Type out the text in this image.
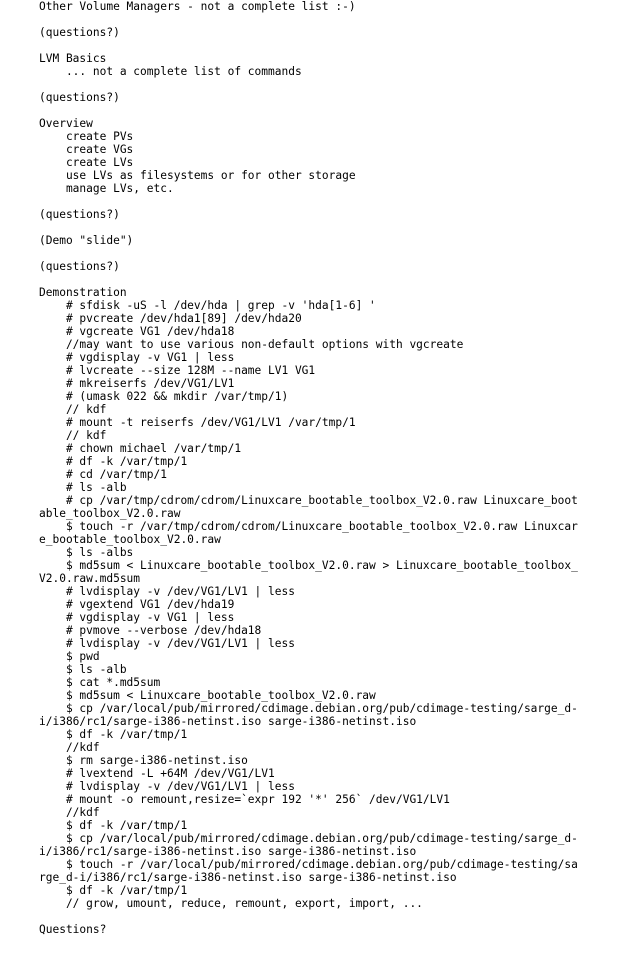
Other Volume Managers - not a complete list :-)
(questions?)
LVM Basics
... not a complete list of commands
(questions?)
Overview
create PVs
create VGs
create LVs
use LVs as filesystems or for other storage
manage LVs, etc.
(questions?)
(Demo "slide")
(questions?)
Demonstration
# sfdisk -uS -l /dev/hda | grep -v 'hda[1-6] '
# pvcreate /dev/hda1[89] /dev/hda20
# vgcreate VG1 /dev/hda18
//may want to use various non-default options with vgcreate
# vgdisplay -v VG1 | less
# lvcreate --size 128M --name LV1 VG1
# mkreiserfs /dev/VG1/LV1
# (umask 022 && mkdir /var/tmp/1)
// kdf
# mount -t reiserfs /dev/VG1/LV1 /var/tmp/1
// kdf
# chown michael /var/tmp/1
# df -k /var/tmp/1
# cd /var/tmp/1
# ls -alb
# cp /var/tmp/cdrom/cdrom/Linuxcare_bootable_toolbox_V2.0.raw Linuxcare_boot
able_toolbox_V2.0.raw
$ touch -r /var/tmp/cdrom/cdrom/Linuxcare_bootable_toolbox_V2.0.raw Linuxcar
e_bootable_toolbox_V2.0.raw
$ ls -albs
$ md5sum < Linuxcare_bootable_toolbox_V2.0.raw > Linuxcare_bootable_toolbox_
V2.0.raw.md5sum
# lvdisplay -v /dev/VG1/LV1 | less
# vgextend VG1 /dev/hda19
# vgdisplay -v VG1 | less
# pvmove --verbose /dev/hda18
# lvdisplay -v /dev/VG1/LV1 | less
$ pwd
$ ls -alb
$ cat *.md5sum
$ md5sum < Linuxcare_bootable_toolbox_V2.0.raw
$ cp /var/local/pub/mirrored/cdimage.debian.org/pub/cdimage-testing/sarge_d-
i/i386/rc1/sarge-i386-netinst.iso sarge-i386-netinst.iso
$ df -k /var/tmp/1
//kdf
$ rm sarge-i386-netinst.iso
# lvextend -L +64M /dev/VG1/LV1
# lvdisplay -v /dev/VG1/LV1 | less
# mount -o remount,resize=`expr 192 '*' 256` /dev/VG1/LV1
//kdf
$ df -k /var/tmp/1
$ cp /var/local/pub/mirrored/cdimage.debian.org/pub/cdimage-testing/sarge_d-
i/i386/rc1/sarge-i386-netinst.iso sarge-i386-netinst.iso
$ touch -r /var/local/pub/mirrored/cdimage.debian.org/pub/cdimage-testing/sa
rge_d-i/i386/rc1/sarge-i386-netinst.iso sarge-i386-netinst.iso
$ df -k /var/tmp/1
// grow, umount, reduce, remount, export, import, ...
Questions?
